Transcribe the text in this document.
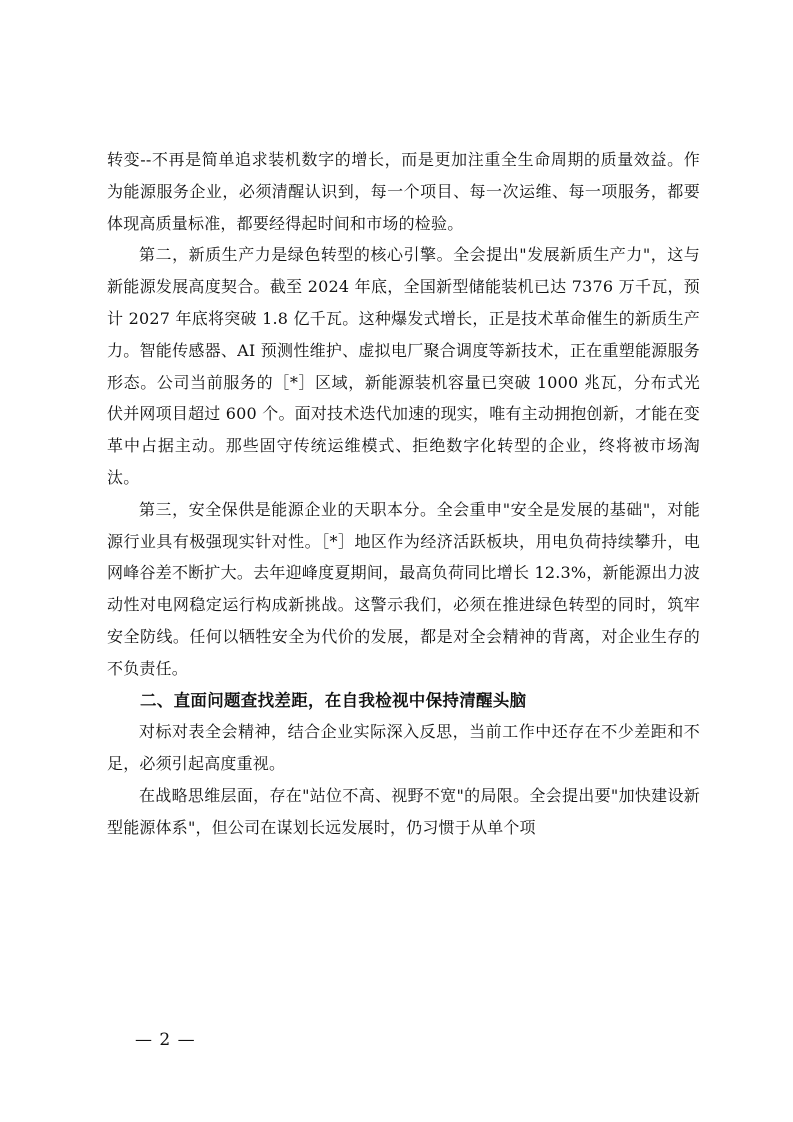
转变--不再是简单追求装机数字的增长，而是更加注重全生命周期的质量效益。作为能源服务企业，必须清醒认识到，每一个项目、每一次运维、每一项服务，都要体现高质量标准，都要经得起时间和市场的检验。

第二，新质生产力是绿色转型的核心引擎。全会提出"发展新质生产力"，这与新能源发展高度契合。截至 2024 年底，全国新型储能装机已达 7376 万千瓦，预计 2027 年底将突破 1.8 亿千瓦。这种爆发式增长，正是技术革命催生的新质生产力。智能传感器、AI 预测性维护、虚拟电厂聚合调度等新技术，正在重塑能源服务形态。公司当前服务的［*］区域，新能源装机容量已突破 1000 兆瓦，分布式光伏并网项目超过 600 个。面对技术迭代加速的现实，唯有主动拥抱创新，才能在变革中占据主动。那些固守传统运维模式、拒绝数字化转型的企业，终将被市场淘汰。

第三，安全保供是能源企业的天职本分。全会重申"安全是发展的基础"，对能源行业具有极强现实针对性。［*］地区作为经济活跃板块，用电负荷持续攀升，电网峰谷差不断扩大。去年迎峰度夏期间，最高负荷同比增长 12.3%，新能源出力波动性对电网稳定运行构成新挑战。这警示我们，必须在推进绿色转型的同时，筑牢安全防线。任何以牺牲安全为代价的发展，都是对全会精神的背离，对企业生存的不负责任。

二、直面问题查找差距，在自我检视中保持清醒头脑

对标对表全会精神，结合企业实际深入反思，当前工作中还存在不少差距和不足，必须引起高度重视。

在战略思维层面，存在"站位不高、视野不宽"的局限。全会提出要"加快建设新型能源体系"，但公司在谋划长远发展时，仍习惯于从单个项

— 2 —
